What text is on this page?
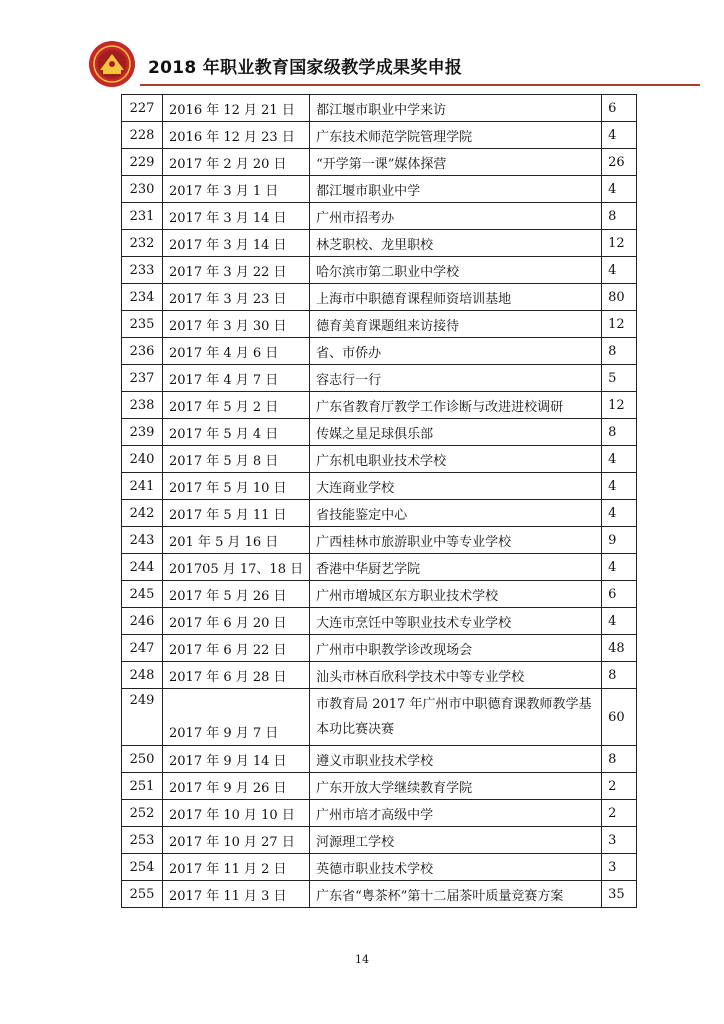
2018 年职业教育国家级教学成果奖申报
227	2016 年 12 月 21 日	都江堰市职业中学来访	6
228	2016 年 12 月 23 日	广东技术师范学院管理学院	4
229	2017 年 2 月 20 日	“开学第一课”媒体探营	26
230	2017 年 3 月 1 日	都江堰市职业中学	4
231	2017 年 3 月 14 日	广州市招考办	8
232	2017 年 3 月 14 日	林芝职校、龙里职校	12
233	2017 年 3 月 22 日	哈尔滨市第二职业中学校	4
234	2017 年 3 月 23 日	上海市中职德育课程师资培训基地	80
235	2017 年 3 月 30 日	德育美育课题组来访接待	12
236	2017 年 4 月 6 日	省、市侨办	8
237	2017 年 4 月 7 日	容志行一行	5
238	2017 年 5 月 2 日	广东省教育厅教学工作诊断与改进进校调研	12
239	2017 年 5 月 4 日	传媒之星足球俱乐部	8
240	2017 年 5 月 8 日	广东机电职业技术学校	4
241	2017 年 5 月 10 日	大连商业学校	4
242	2017 年 5 月 11 日	省技能鉴定中心	4
243	201 年 5 月 16 日	广西桂林市旅游职业中等专业学校	9
244	201705 月 17、18 日	香港中华厨艺学院	4
245	2017 年 5 月 26 日	广州市增城区东方职业技术学校	6
246	2017 年 6 月 20 日	大连市烹饪中等职业技术专业学校	4
247	2017 年 6 月 22 日	广州市中职教学诊改现场会	48
248	2017 年 6 月 28 日	汕头市林百欣科学技术中等专业学校	8
249	2017 年 9 月 7 日	市教育局 2017 年广州市中职德育课教师教学基本功比赛决赛	60
250	2017 年 9 月 14 日	遵义市职业技术学校	8
251	2017 年 9 月 26 日	广东开放大学继续教育学院	2
252	2017 年 10 月 10 日	广州市培才高级中学	2
253	2017 年 10 月 27 日	河源理工学校	3
254	2017 年 11 月 2 日	英德市职业技术学校	3
255	2017 年 11 月 3 日	广东省“粤茶杯”第十二届茶叶质量竞赛方案	35
14
